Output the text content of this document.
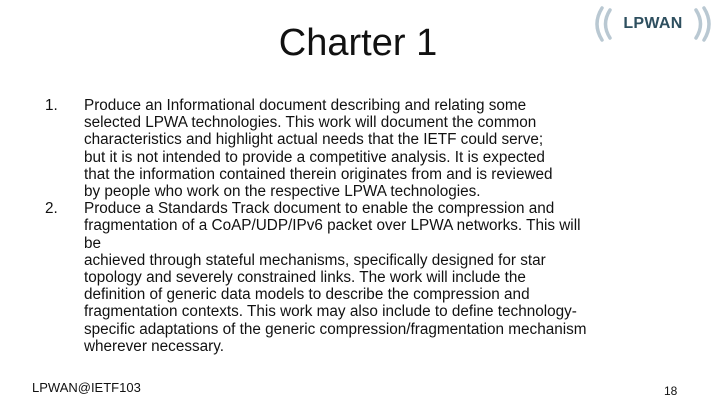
Charter 1	LPWAN
1. Produce an Informational document describing and relating some
selected LPWA technologies. This work will document the common
characteristics and highlight actual needs that the IETF could serve;
but it is not intended to provide a competitive analysis. It is expected
that the information contained therein originates from and is reviewed
by people who work on the respective LPWA technologies.
2. Produce a Standards Track document to enable the compression and
fragmentation of a CoAP/UDP/IPv6 packet over LPWA networks. This will
be
achieved through stateful mechanisms, specifically designed for star
topology and severely constrained links. The work will include the
definition of generic data models to describe the compression and
fragmentation contexts. This work may also include to define technology-
specific adaptations of the generic compression/fragmentation mechanism
wherever necessary.
LPWAN@IETF103	18
